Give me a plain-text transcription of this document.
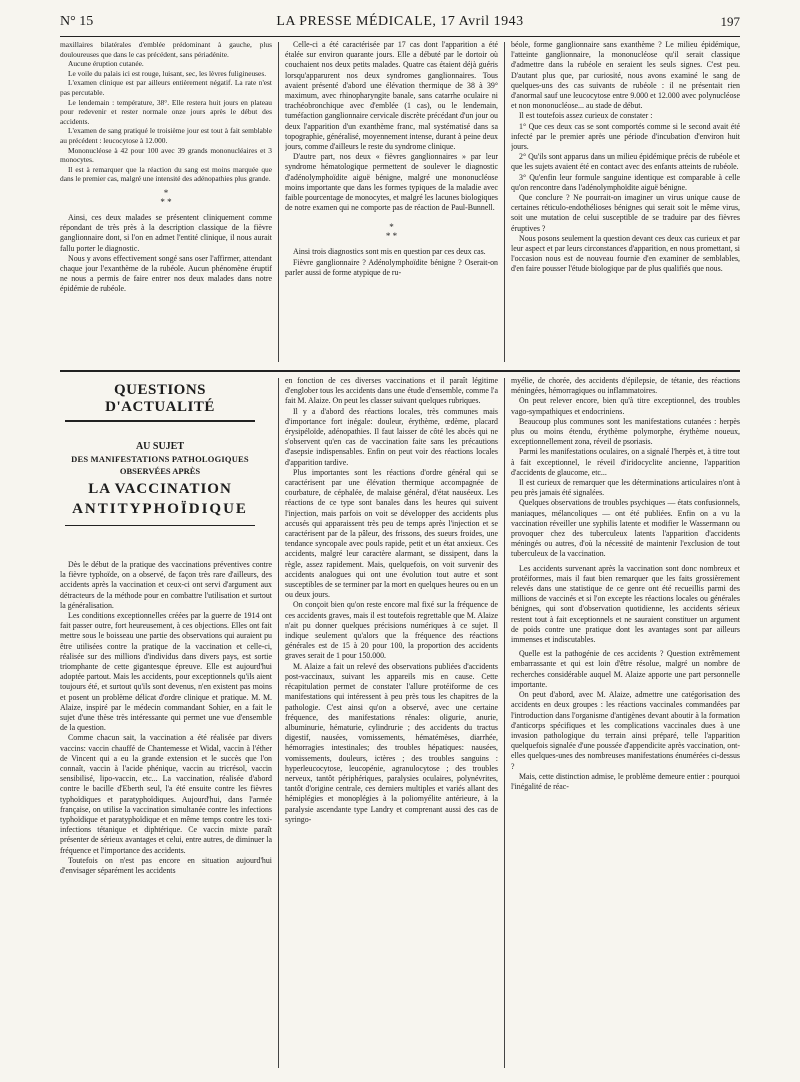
N° 15	LA PRESSE MÉDICALE, 17 Avril 1943	197

maxillaires bilatérales d'emblée prédominant à gauche, plus douloureuses que dans le cas précédent, sans périadénite.

Aucune éruption cutanée.

Le voile du palais ici est rouge, luisant, sec, les lèvres fuligineuses.

L'examen clinique est par ailleurs entièrement négatif. La rate n'est pas percutable.

Le lendemain : température, 38°. Elle restera huit jours en plateau pour redevenir et rester normale onze jours après le début des accidents.

L'examen de sang pratiqué le troisième jour est tout à fait semblable au précédent : leucocytose à 12.000.

Mononucléose à 42 pour 100 avec 39 grands mononucléaires et 3 monocytes.

Il est à remarquer que la réaction du sang est moins marquée que dans le premier cas, malgré une intensité des adénopathies plus grande.

*
* *

Ainsi, ces deux malades se présentent cliniquement comme répondant de très près à la description classique de la fièvre ganglionnaire dont, si l'on en admet l'entité clinique, il nous aurait fallu porter le diagnostic.

Nous y avons effectivement songé sans oser l'affirmer, attendant chaque jour l'exanthème de la rubéole. Aucun phénomène éruptif ne nous a permis de faire entrer nos deux malades dans notre épidémie de rubéole.

Celle-ci a été caractérisée par 17 cas dont l'apparition a été étalée sur environ quarante jours. Elle a débuté par le dortoir où couchaient nos deux petits malades. Quatre cas étaient déjà guéris lorsqu'apparurent nos deux syndromes ganglionnaires. Tous avaient présenté d'abord une élévation thermique de 38 à 39° maximum, avec rhinopharyngite banale, sans catarrhe oculaire ni trachéobronchique avec d'emblée (1 cas), ou le lendemain, tuméfaction ganglionnaire cervicale discrète précédant d'un jour ou deux l'apparition d'un exanthème franc, mal systématisé dans sa topographie, généralisé, moyennement intense, durant à peine deux jours, comme d'ailleurs le reste du syndrome clinique.

D'autre part, nos deux « fièvres ganglionnaires » par leur syndrome hématologique permettent de soulever le diagnostic d'adénolymphoïdite aiguë bénigne, malgré une mononucléose moins importante que dans les formes typiques de la maladie avec faible pourcentage de monocytes, et malgré les lacunes biologiques de notre examen qui ne comporte pas de réaction de Paul-Bunnell.

*
* *

Ainsi trois diagnostics sont mis en question par ces deux cas.

Fièvre ganglionnaire ? Adénolymphoïdite bénigne ? Oserait-on parler aussi de forme atypique de ru-

béole, forme ganglionnaire sans exanthème ? Le milieu épidémique, l'atteinte ganglionnaire, la mononucléose qu'il serait classique d'admettre dans la rubéole en seraient les seuls signes. C'est peu. D'autant plus que, par curiosité, nous avons examiné le sang de quelques-uns des cas suivants de rubéole : il ne présentait rien d'anormal sauf une leucocytose entre 9.000 et 12.000 avec polynucléose et non mononucléose... au stade de début.

Il est toutefois assez curieux de constater :

1° Que ces deux cas se sont comportés comme si le second avait été infecté par le premier après une période d'incubation d'environ huit jours.

2° Qu'ils sont apparus dans un milieu épidémique précis de rubéole et que les sujets avaient été en contact avec des enfants atteints de rubéole.

3° Qu'enfin leur formule sanguine identique est comparable à celle qu'on rencontre dans l'adénolymphoïdite aiguë bénigne.

Que conclure ? Ne pourrait-on imaginer un virus unique cause de certaines réticulo-endothélioses bénignes qui serait soit le même virus, soit une mutation de celui susceptible de se traduire par des fièvres éruptives ?

Nous posons seulement la question devant ces deux cas curieux et par leur aspect et par leurs circonstances d'apparition, en nous promettant, si l'occasion nous est de nouveau fournie d'en examiner de semblables, d'en faire pousser l'étude biologique par de plus qualifiés que nous.

QUESTIONS D'ACTUALITÉ
AU SUJET
DES MANIFESTATIONS PATHOLOGIQUES
OBSERVÉES APRÈS
LA VACCINATION
ANTITYPHOÏDIQUE

Dès le début de la pratique des vaccinations préventives contre la fièvre typhoïde, on a observé, de façon très rare d'ailleurs, des accidents après la vaccination et ceux-ci ont servi d'argument aux détracteurs de la méthode pour en combattre l'utilisation et surtout la généralisation.

Les conditions exceptionnelles créées par la guerre de 1914 ont fait passer outre, fort heureusement, à ces objections. Elles ont fait mettre sous le boisseau une partie des observations qui auraient pu être utilisées contre la pratique de la vaccination et celle-ci, réalisée sur des millions d'individus dans divers pays, est sortie triomphante de cette gigantesque épreuve. Elle est aujourd'hui adoptée partout. Mais les accidents, pour exceptionnels qu'ils aient toujours été, et surtout qu'ils sont devenus, n'en existent pas moins et posent un problème délicat d'ordre clinique et pratique. M. M. Alaize, inspiré par le médecin commandant Sohier, en a fait le sujet d'une thèse très intéressante qui permet une vue d'ensemble de la question.

Comme chacun sait, la vaccination a été réalisée par divers vaccins: vaccin chauffé de Chantemesse et Widal, vaccin à l'éther de Vincent qui a eu la grande extension et le succès que l'on connaît, vaccin à l'acide phénique, vaccin au tricrésol, vaccin sensibilisé, lipo-vaccin, etc... La vaccination, réalisée d'abord contre le bacille d'Eberth seul, l'a été ensuite contre les fièvres typhoïdiques et paratyphoïdiques. Aujourd'hui, dans l'armée française, on utilise la vaccination simultanée contre les infections typhoïdique et paratyphoïdique et en même temps contre les toxi-infections tétanique et diphtérique. Ce vaccin mixte paraît présenter de sérieux avantages et celui, entre autres, de diminuer la fréquence et l'importance des accidents.

Toutefois on n'est pas encore en situation aujourd'hui d'envisager séparément les accidents

en fonction de ces diverses vaccinations et il paraît légitime d'englober tous les accidents dans une étude d'ensemble, comme l'a fait M. Alaize. On peut les classer suivant quelques rubriques.

Il y a d'abord des réactions locales, très communes mais d'importance fort inégale: douleur, érythème, œdème, placard érysipéloïde, adénopathies. Il faut laisser de côté les abcès qui ne s'observent qu'en cas de vaccination faite sans les précautions d'asepsie indispensables. Enfin on peut voir des réactions locales d'apparition tardive.

Plus importantes sont les réactions d'ordre général qui se caractérisent par une élévation thermique accompagnée de courbature, de céphalée, de malaise général, d'état nauséeux. Les réactions de ce type sont banales dans les heures qui suivent l'injection, mais parfois on voit se développer des accidents plus accusés qui apparaissent très peu de temps après l'injection et se caractérisent par de la pâleur, des frissons, des sueurs froides, une tendance syncopale avec pouls rapide, petit et un état anxieux. Ces accidents, malgré leur caractère alarmant, se dissipent, dans la règle, assez rapidement. Mais, quelquefois, on voit survenir des accidents analogues qui ont une évolution tout autre et sont susceptibles de se terminer par la mort en quelques heures ou en un ou deux jours.

On conçoit bien qu'on reste encore mal fixé sur la fréquence de ces accidents graves, mais il est toutefois regrettable que M. Alaize n'ait pu donner quelques précisions numériques à ce sujet. Il indique seulement qu'alors que la fréquence des réactions générales est de 15 à 20 pour 100, la proportion des accidents graves serait de 1 pour 150.000.

M. Alaize a fait un relevé des observations publiées d'accidents post-vaccinaux, suivant les appareils mis en cause. Cette récapitulation permet de constater l'allure protéiforme de ces manifestations qui intéressent à peu près tous les chapitres de la pathologie. C'est ainsi qu'on a observé, avec une certaine fréquence, des manifestations rénales: oligurie, anurie, albuminurie, hématurie, cylindrurie ; des accidents du tractus digestif, nausées, vomissements, hématémèses, diarrhée, hémorragies intestinales; des troubles hépatiques: nausées, vomissements, douleurs, ictères ; des troubles sanguins : hyperleucocytose, leucopénie, agranulocytose ; des troubles nerveux, tantôt périphériques, paralysies oculaires, polynévrites, tantôt d'origine centrale, ces derniers multiples et variés allant des hémiplégies et monoplégies à la poliomyélite antérieure, à la paralysie ascendante type Landry et comprenant aussi des cas de syringo-

myélie, de chorée, des accidents d'épilepsie, de tétanie, des réactions méningées, hémorragiques ou inflammatoires.

On peut relever encore, bien qu'à titre exceptionnel, des troubles vago-sympathiques et endocriniens.

Beaucoup plus communes sont les manifestations cutanées : herpès plus ou moins étendu, érythème polymorphe, érythème noueux, exceptionnellement zona, réveil de psoriasis.

Parmi les manifestations oculaires, on a signalé l'herpès et, à titre tout à fait exceptionnel, le réveil d'iridocyclite ancienne, l'apparition d'accidents de glaucome, etc...

Il est curieux de remarquer que les déterminations articulaires n'ont à peu près jamais été signalées.

Quelques observations de troubles psychiques — états confusionnels, maniaques, mélancoliques — ont été publiées. Enfin on a vu la vaccination réveiller une syphilis latente et modifier le Wassermann ou provoquer chez des tuberculeux latents l'apparition d'accidents méningés ou autres, d'où la nécessité de maintenir l'exclusion de tout tuberculeux de la vaccination.

Les accidents survenant après la vaccination sont donc nombreux et protéiformes, mais il faut bien remarquer que les faits grossièrement relevés dans une statistique de ce genre ont été recueillis parmi des millions de vaccinés et si l'on excepte les réactions locales ou générales bénignes, qui sont d'observation quotidienne, les accidents sérieux restent tout à fait exceptionnels et ne sauraient constituer un argument de poids contre une pratique dont les avantages sont par ailleurs immenses et indiscutables.

Quelle est la pathogénie de ces accidents ? Question extrêmement embarrassante et qui est loin d'être résolue, malgré un nombre de recherches considérable auquel M. Alaize apporte une part personnelle importante.

On peut d'abord, avec M. Alaize, admettre une catégorisation des accidents en deux groupes : les réactions vaccinales commandées par l'introduction dans l'organisme d'antigènes devant aboutir à la formation d'anticorps spécifiques et les complications vaccinales dues à une invasion pathologique du terrain ainsi préparé, telle l'apparition quelquefois signalée d'une poussée d'appendicite après vaccination, ont-elles quelques-unes des nombreuses manifestations énumérées ci-dessus ?

Mais, cette distinction admise, le problème demeure entier : pourquoi l'inégalité de réac-
